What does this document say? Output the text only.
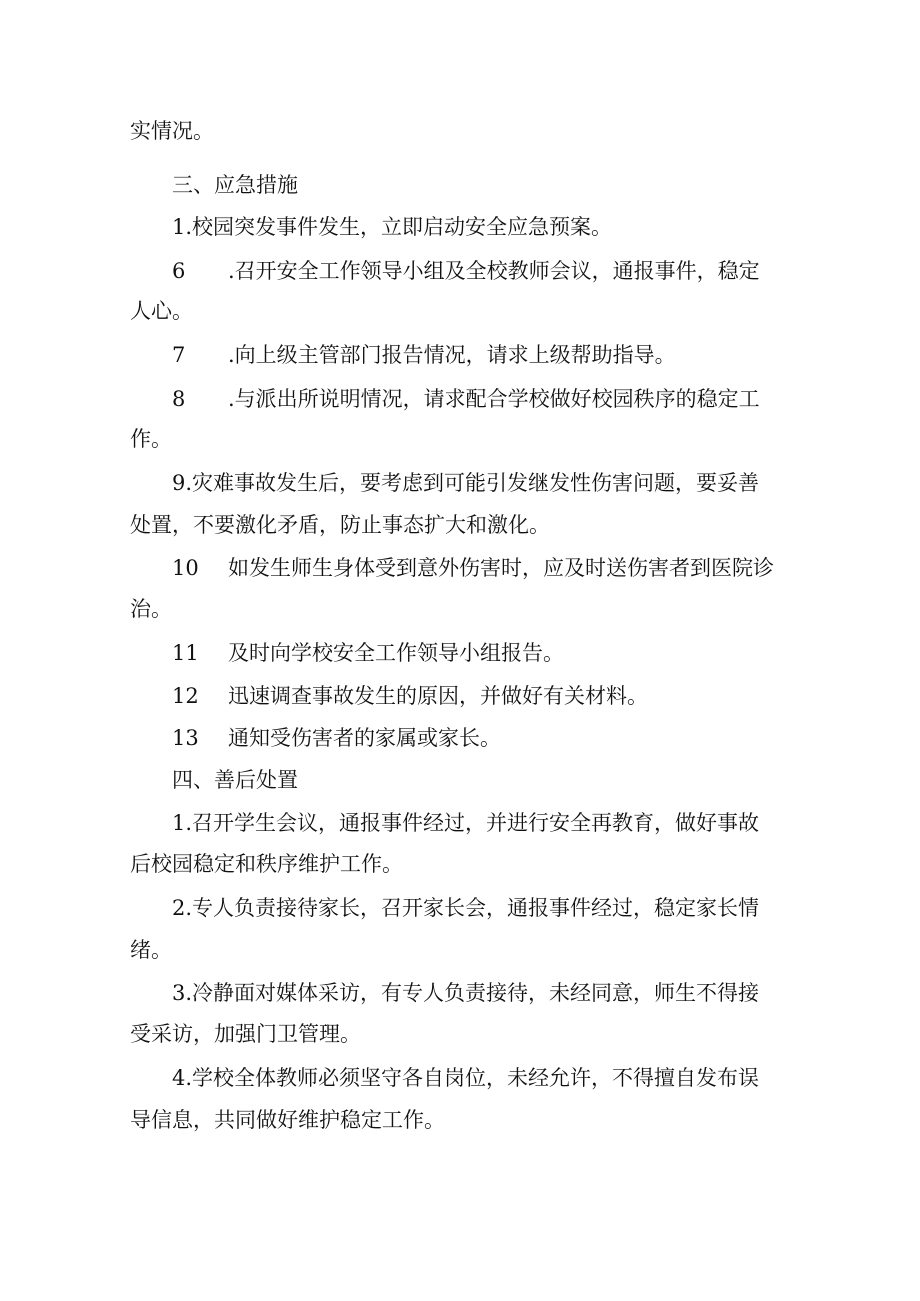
实情况。
三、应急措施
1.校园突发事件发生，立即启动安全应急预案。
6 .召开安全工作领导小组及全校教师会议，通报事件，稳定
人心。
7 .向上级主管部门报告情况，请求上级帮助指导。
8 .与派出所说明情况，请求配合学校做好校园秩序的稳定工
作。
9.灾难事故发生后，要考虑到可能引发继发性伤害问题，要妥善
处置，不要激化矛盾，防止事态扩大和激化。
10 如发生师生身体受到意外伤害时，应及时送伤害者到医院诊
治。
11 及时向学校安全工作领导小组报告。
12 迅速调查事故发生的原因，并做好有关材料。
13 通知受伤害者的家属或家长。
四、善后处置
1.召开学生会议，通报事件经过，并进行安全再教育，做好事故
后校园稳定和秩序维护工作。
2.专人负责接待家长，召开家长会，通报事件经过，稳定家长情
绪。
3.冷静面对媒体采访，有专人负责接待，未经同意，师生不得接
受采访，加强门卫管理。
4.学校全体教师必须坚守各自岗位，未经允许，不得擅自发布误
导信息，共同做好维护稳定工作。
